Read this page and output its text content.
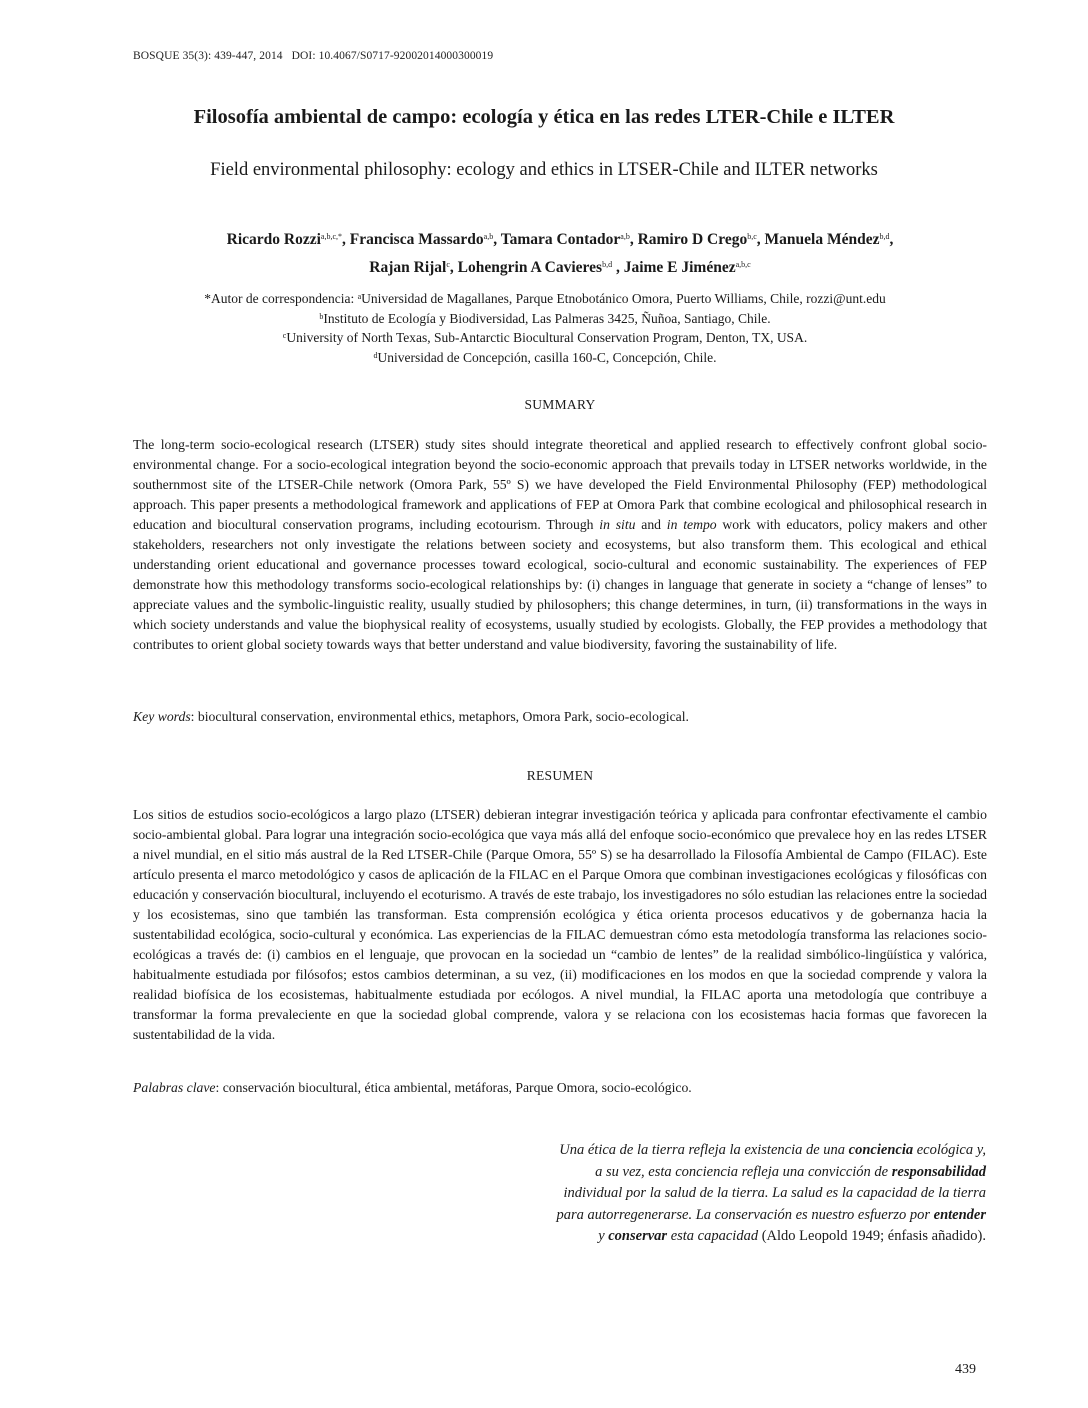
BOSQUE 35(3): 439-447, 2014 DOI: 10.4067/S0717-92002014000300019
Filosofía ambiental de campo: ecología y ética en las redes LTER-Chile e ILTER
Field environmental philosophy: ecology and ethics in LTSER-Chile and ILTER networks
Ricardo Rozzi$^{a,b,c,*}$, Francisca Massardo$^{a,b}$, Tamara Contador$^{a,b}$, Ramiro D Crego$^{b,c}$, Manuela Méndez$^{b,d}$,
Rajan Rijal$^c$, Lohengrin A Cavieres$^{b,d}$ , Jaime E Jiménez$^{a,b,c}$
*Autor de correspondencia: $^a$Universidad de Magallanes, Parque Etnobotánico Omora, Puerto Williams, Chile, rozzi@unt.edu
$^b$Instituto de Ecología y Biodiversidad, Las Palmeras 3425, Ñuñoa, Santiago, Chile.
$^c$University of North Texas, Sub-Antarctic Biocultural Conservation Program, Denton, TX, USA.
$^d$Universidad de Concepción, casilla 160-C, Concepción, Chile.
SUMMARY

The long-term socio-ecological research (LTSER) study sites should integrate theoretical and applied research to effectively confront global socio-environmental change. For a socio-ecological integration beyond the socio-economic approach that prevails today in LTSER networks worldwide, in the southernmost site of the LTSER-Chile network (Omora Park, 55º S) we have developed the Field Environmental Philosophy (FEP) methodological approach. This paper presents a methodological framework and applications of FEP at Omora Park that combine ecological and philosophical research in education and biocultural conservation programs, including ecotourism. Through in situ and in tempo work with educators, policy makers and other stakeholders, researchers not only investigate the relations between society and ecosystems, but also transform them. This ecological and ethical understanding orient educational and governance processes toward ecological, socio-cultural and economic sustainability. The experiences of FEP demonstrate how this methodology transforms socio-ecological relationships by: (i) changes in language that generate in society a “change of lenses” to appreciate values and the symbolic-linguistic reality, usually studied by philosophers; this change determines, in turn, (ii) transformations in the ways in which society understands and value the biophysical reality of ecosystems, usually studied by ecologists. Globally, the FEP provides a methodology that contributes to orient global society towards ways that better understand and value biodiversity, favoring the sustainability of life.

Key words: biocultural conservation, environmental ethics, metaphors, Omora Park, socio-ecological.
RESUMEN

Los sitios de estudios socio-ecológicos a largo plazo (LTSER) debieran integrar investigación teórica y aplicada para confrontar efectivamente el cambio socio-ambiental global. Para lograr una integración socio-ecológica que vaya más allá del enfoque socio-económico que prevalece hoy en las redes LTSER a nivel mundial, en el sitio más austral de la Red LTSER-Chile (Parque Omora, 55º S) se ha desarrollado la Filosofía Ambiental de Campo (FILAC). Este artículo presenta el marco metodológico y casos de aplicación de la FILAC en el Parque Omora que combinan investigaciones ecológicas y filosóficas con educación y conservación biocultural, incluyendo el ecoturismo. A través de este trabajo, los investigadores no sólo estudian las relaciones entre la sociedad y los ecosistemas, sino que también las transforman. Esta comprensión ecológica y ética orienta procesos educativos y de gobernanza hacia la sustentabilidad ecológica, socio-cultural y económica. Las experiencias de la FILAC demuestran cómo esta metodología transforma las relaciones socio-ecológicas a través de: (i) cambios en el lenguaje, que provocan en la sociedad un “cambio de lentes” de la realidad simbólico-lingüística y valórica, habitualmente estudiada por filósofos; estos cambios determinan, a su vez, (ii) modificaciones en los modos en que la sociedad comprende y valora la realidad biofísica de los ecosistemas, habitualmente estudiada por ecólogos. A nivel mundial, la FILAC aporta una metodología que contribuye a transformar la forma prevaleciente en que la sociedad global comprende, valora y se relaciona con los ecosistemas hacia formas que favorecen la sustentabilidad de la vida.

Palabras clave: conservación biocultural, ética ambiental, metáforas, Parque Omora, socio-ecológico.
Una ética de la tierra refleja la existencia de una conciencia ecológica y,
a su vez, esta conciencia refleja una convicción de responsabilidad
individual por la salud de la tierra. La salud es la capacidad de la tierra
para autorregenerarse. La conservación es nuestro esfuerzo por entender
y conservar esta capacidad (Aldo Leopold 1949; énfasis añadido).
439
